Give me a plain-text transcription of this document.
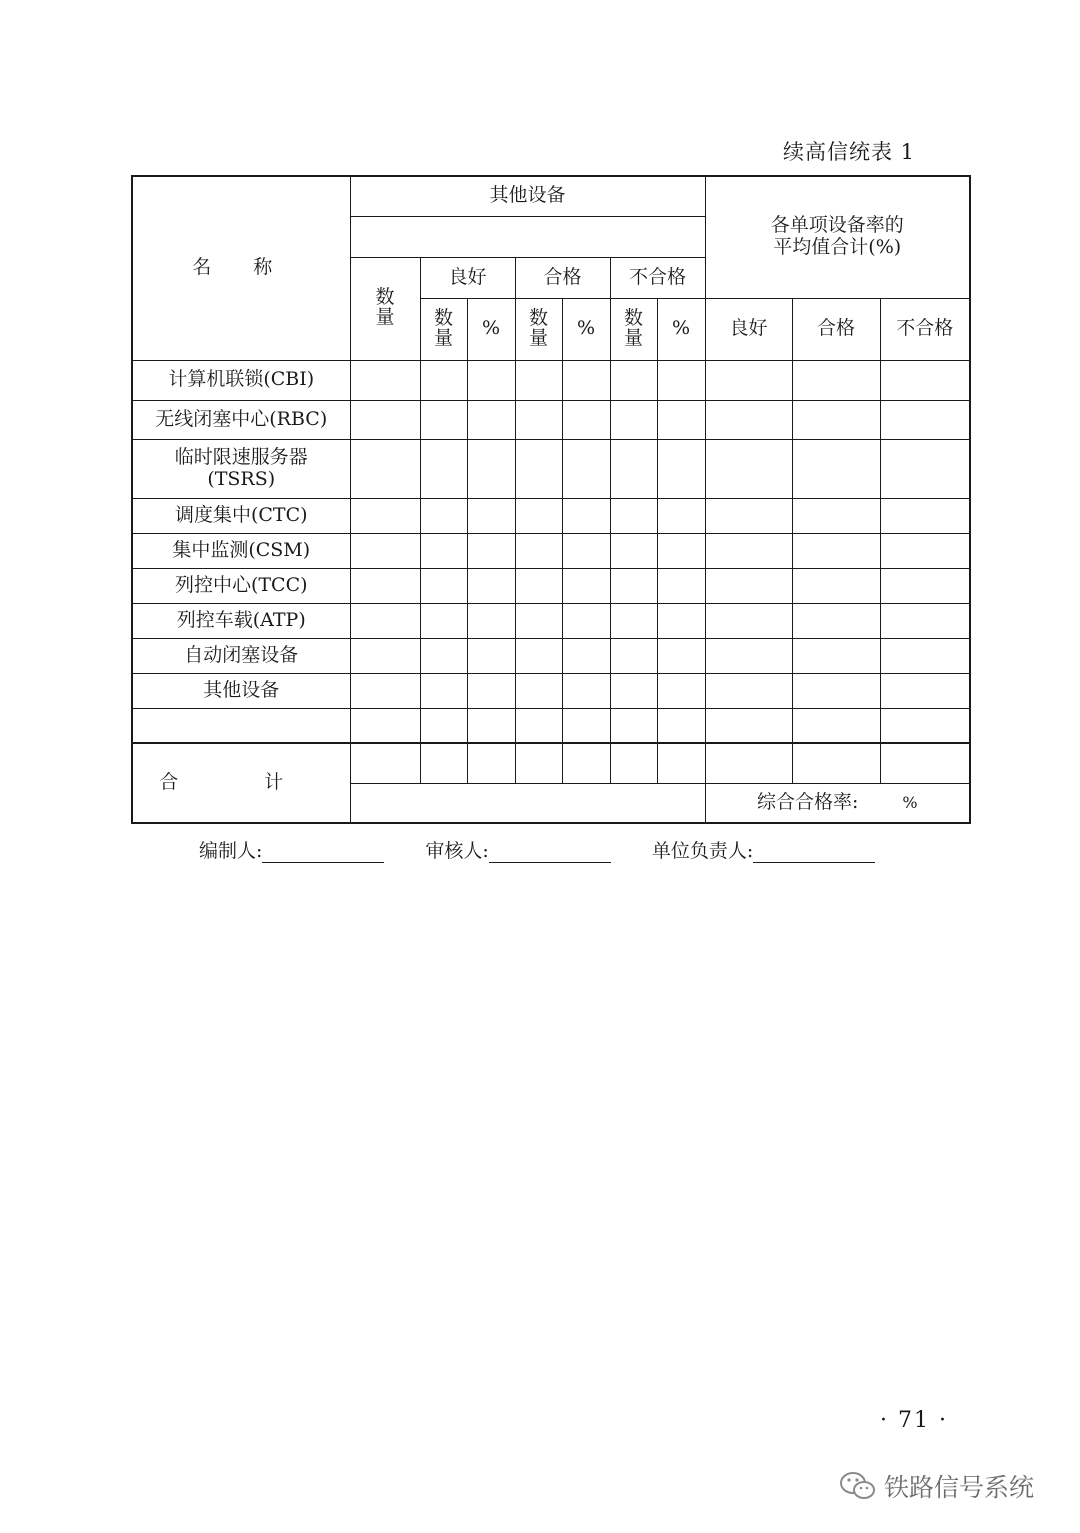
续高信统表 1
名 称	其他设备							各单项设备率的
平均值合计(%)		

	数量	良好		合格		不合格				
		数量	%	数量	%	数量	%	良好	合格	不合格
计算机联锁(CBI)										
无线闭塞中心(RBC)										
临时限速服务器
(TSRS)										
调度集中(CTC)										
集中监测(CSM)										
列控中心(TCC)										
列控车载(ATP)										
自动闭塞设备										
其他设备										

合 计										
								综合合格率: %		
编制人:	审核人:	单位负责人:
· 71 ·
铁路信号系统
